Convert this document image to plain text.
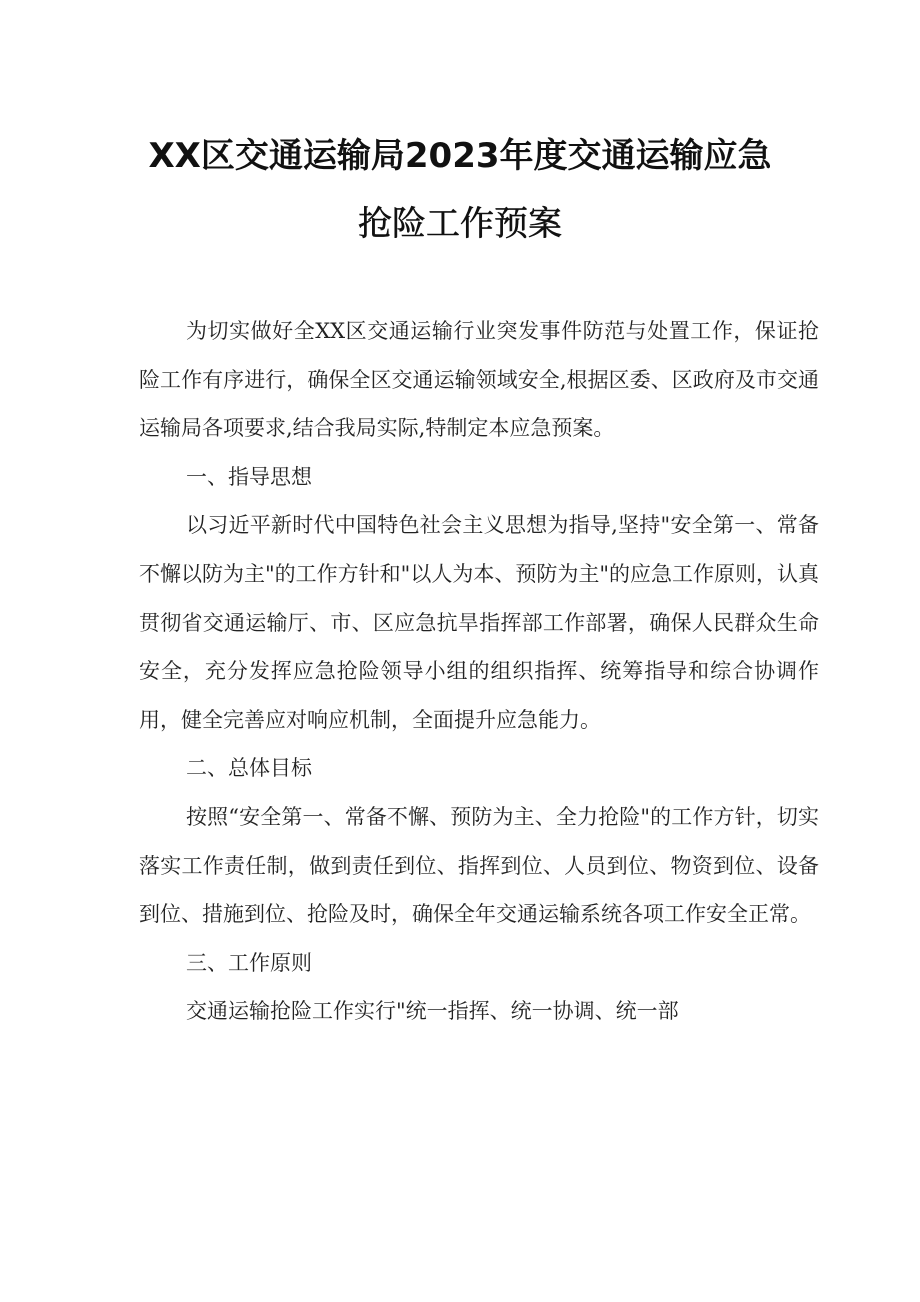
XX区交通运输局2023年度交通运输应急
抢险工作预案

为切实做好全XX区交通运输行业突发事件防范与处置工作，保证抢险工作有序进行，确保全区交通运输领域安全,根据区委、区政府及市交通运输局各项要求,结合我局实际,特制定本应急预案。

一、指导思想

以习近平新时代中国特色社会主义思想为指导,坚持"安全第一、常备不懈以防为主"的工作方针和"以人为本、预防为主"的应急工作原则，认真贯彻省交通运输厅、市、区应急抗旱指挥部工作部署，确保人民群众生命安全，充分发挥应急抢险领导小组的组织指挥、统筹指导和综合协调作用，健全完善应对响应机制，全面提升应急能力。

二、总体目标

按照“安全第一、常备不懈、预防为主、全力抢险"的工作方针，切实落实工作责任制，做到责任到位、指挥到位、人员到位、物资到位、设备到位、措施到位、抢险及时，确保全年交通运输系统各项工作安全正常。

三、工作原则

交通运输抢险工作实行"统一指挥、统一协调、统一部
